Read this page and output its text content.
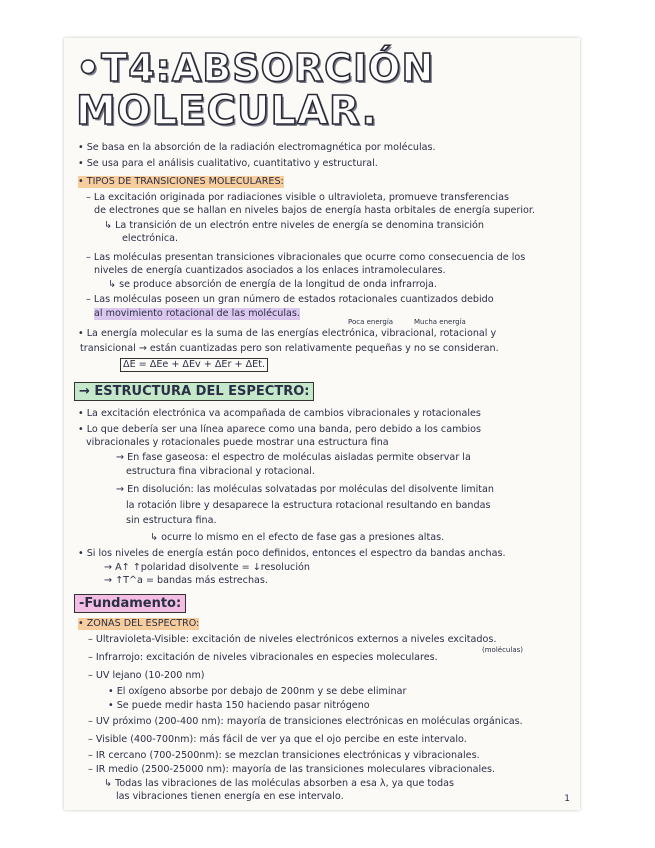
•T4:ABSORCIÓN
MOLECULAR.
• Se basa en la absorción de la radiación electromagnética por moléculas.
• Se usa para el análisis cualitativo, cuantitativo y estructural.
• TIPOS DE TRANSICIONES MOLECULARES:
– La excitación originada por radiaciones visible o ultravioleta, promueve transferencias
de electrones que se hallan en niveles bajos de energía hasta orbitales de energía superior.
↳ La transición de un electrón entre niveles de energía se denomina transición
electrónica.
– Las moléculas presentan transiciones vibracionales que ocurre como consecuencia de los
niveles de energía cuantizados asociados a los enlaces intramoleculares.
↳ se produce absorción de energía de la longitud de onda infrarroja.
– Las moléculas poseen un gran número de estados rotacionales cuantizados debido
al movimiento rotacional de las moléculas.
Poca energía	Mucha energía
• La energía molecular es la suma de las energías electrónica, vibracional, rotacional y
transicional → están cuantizadas pero son relativamente pequeñas y no se consideran.
ΔE = ΔEe + ΔEv + ΔEr + ΔEt.
→ ESTRUCTURA DEL ESPECTRO:
• La excitación electrónica va acompañada de cambios vibracionales y rotacionales
• Lo que debería ser una línea aparece como una banda, pero debido a los cambios
vibracionales y rotacionales puede mostrar una estructura fina
→ En fase gaseosa: el espectro de moléculas aisladas permite observar la
estructura fina vibracional y rotacional.
→ En disolución: las moléculas solvatadas por moléculas del disolvente limitan
la rotación libre y desaparece la estructura rotacional resultando en bandas
sin estructura fina.
↳ ocurre lo mismo en el efecto de fase gas a presiones altas.
• Si los niveles de energía están poco definidos, entonces el espectro da bandas anchas.
→ A↑ ↑polaridad disolvente = ↓resolución
→ ↑T^a = bandas más estrechas.
-Fundamento:
• ZONAS DEL ESPECTRO:
– Ultravioleta-Visible: excitación de niveles electrónicos externos a niveles excitados.
(moléculas)
– Infrarrojo: excitación de niveles vibracionales en especies moleculares.
– UV lejano (10-200 nm)
• El oxígeno absorbe por debajo de 200nm y se debe eliminar
• Se puede medir hasta 150 haciendo pasar nitrógeno
– UV próximo (200-400 nm): mayoría de transiciones electrónicas en moléculas orgánicas.
– Visible (400-700nm): más fácil de ver ya que el ojo percibe en este intervalo.
– IR cercano (700-2500nm): se mezclan transiciones electrónicas y vibracionales.
– IR medio (2500-25000 nm): mayoría de las transiciones moleculares vibracionales.
↳ Todas las vibraciones de las moléculas absorben a esa λ, ya que todas
las vibraciones tienen energía en ese intervalo.	1
